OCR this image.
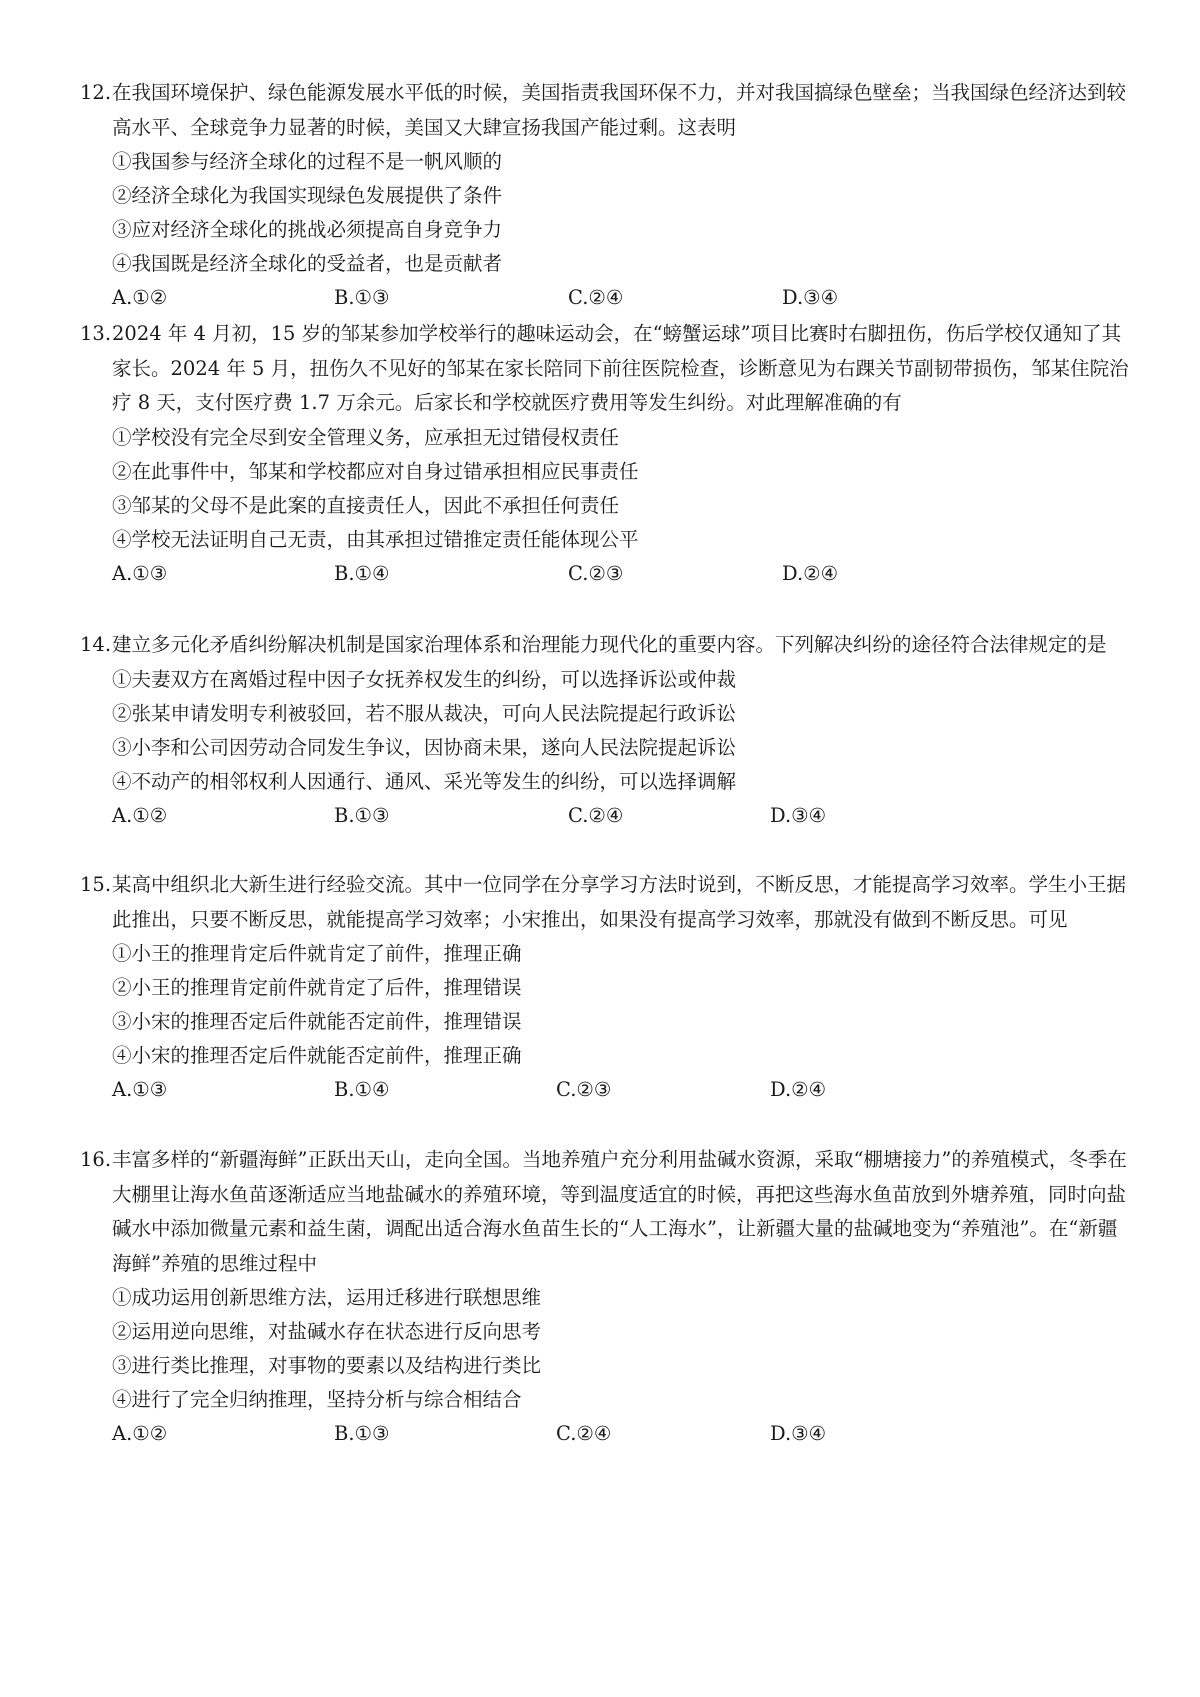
12. 在我国环境保护、绿色能源发展水平低的时候，美国指责我国环保不力，并对我国搞绿色壁垒；当我国绿色经济达到较高水平、全球竞争力显著的时候，美国又大肆宣扬我国产能过剩。这表明
①我国参与经济全球化的过程不是一帆风顺的
②经济全球化为我国实现绿色发展提供了条件
③应对经济全球化的挑战必须提高自身竞争力
④我国既是经济全球化的受益者，也是贡献者
A.①②	B.①③	C.②④	D.③④
13. 2024 年 4 月初，15 岁的邹某参加学校举行的趣味运动会，在“螃蟹运球”项目比赛时右脚扭伤，伤后学校仅通知了其家长。2024 年 5 月，扭伤久不见好的邹某在家长陪同下前往医院检查，诊断意见为右踝关节副韧带损伤，邹某住院治疗 8 天，支付医疗费 1.7 万余元。后家长和学校就医疗费用等发生纠纷。对此理解准确的有
①学校没有完全尽到安全管理义务，应承担无过错侵权责任
②在此事件中，邹某和学校都应对自身过错承担相应民事责任
③邹某的父母不是此案的直接责任人，因此不承担任何责任
④学校无法证明自己无责，由其承担过错推定责任能体现公平
A.①③	B.①④	C.②③	D.②④
14. 建立多元化矛盾纠纷解决机制是国家治理体系和治理能力现代化的重要内容。下列解决纠纷的途径符合法律规定的是
①夫妻双方在离婚过程中因子女抚养权发生的纠纷，可以选择诉讼或仲裁
②张某申请发明专利被驳回，若不服从裁决，可向人民法院提起行政诉讼
③小李和公司因劳动合同发生争议，因协商未果，遂向人民法院提起诉讼
④不动产的相邻权利人因通行、通风、采光等发生的纠纷，可以选择调解
A.①②	B.①③	C.②④	D.③④
15. 某高中组织北大新生进行经验交流。其中一位同学在分享学习方法时说到，不断反思，才能提高学习效率。学生小王据此推出，只要不断反思，就能提高学习效率；小宋推出，如果没有提高学习效率，那就没有做到不断反思。可见
①小王的推理肯定后件就肯定了前件，推理正确
②小王的推理肯定前件就肯定了后件，推理错误
③小宋的推理否定后件就能否定前件，推理错误
④小宋的推理否定后件就能否定前件，推理正确
A.①③	B.①④	C.②③	D.②④
16. 丰富多样的“新疆海鲜”正跃出天山，走向全国。当地养殖户充分利用盐碱水资源，采取“棚塘接力”的养殖模式，冬季在大棚里让海水鱼苗逐渐适应当地盐碱水的养殖环境，等到温度适宜的时候，再把这些海水鱼苗放到外塘养殖，同时向盐碱水中添加微量元素和益生菌，调配出适合海水鱼苗生长的“人工海水”，让新疆大量的盐碱地变为“养殖池”。在“新疆海鲜”养殖的思维过程中
①成功运用创新思维方法，运用迁移进行联想思维
②运用逆向思维，对盐碱水存在状态进行反向思考
③进行类比推理，对事物的要素以及结构进行类比
④进行了完全归纳推理，坚持分析与综合相结合
A.①②	B.①③	C.②④	D.③④
